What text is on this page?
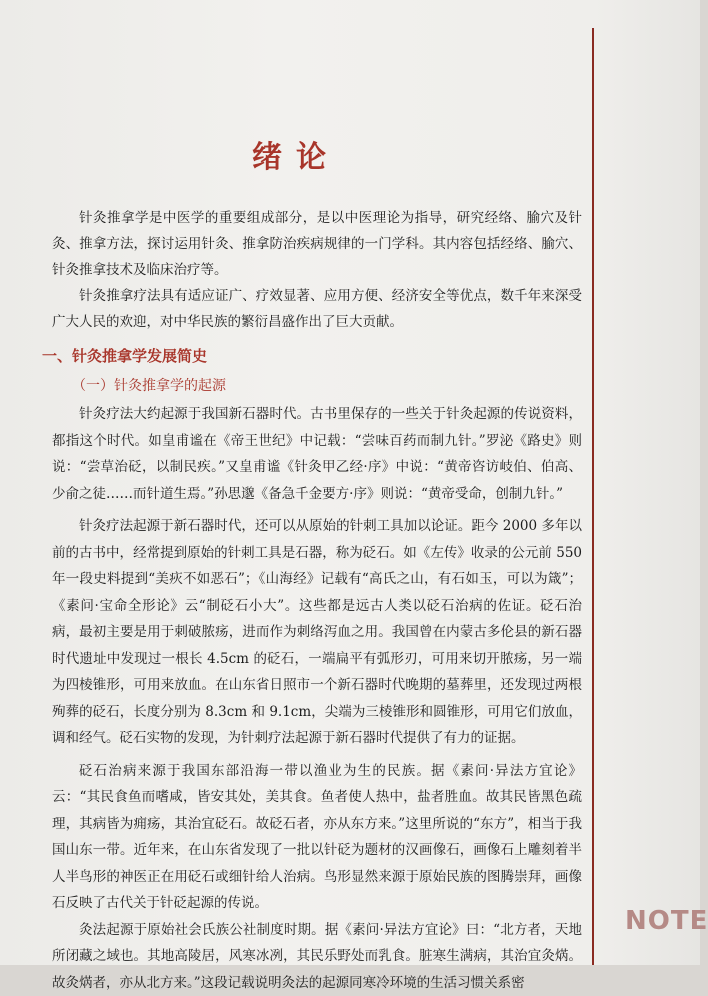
NOTE
绪论

针灸推拿学是中医学的重要组成部分，是以中医理论为指导，研究经络、腧穴及针灸、推拿方法，探讨运用针灸、推拿防治疾病规律的一门学科。其内容包括经络、腧穴、针灸推拿技术及临床治疗等。

针灸推拿疗法具有适应证广、疗效显著、应用方便、经济安全等优点，数千年来深受广大人民的欢迎，对中华民族的繁衍昌盛作出了巨大贡献。

一、针灸推拿学发展简史
（一）针灸推拿学的起源

针灸疗法大约起源于我国新石器时代。古书里保存的一些关于针灸起源的传说资料，都指这个时代。如皇甫谧在《帝王世纪》中记载：“尝味百药而制九针。”罗泌《路史》则说：“尝草治砭，以制民疾。”又皇甫谧《针灸甲乙经·序》中说：“黄帝咨访岐伯、伯高、少俞之徒……而针道生焉。”孙思邈《备急千金要方·序》则说：“黄帝受命，创制九针。”

针灸疗法起源于新石器时代，还可以从原始的针刺工具加以论证。距今 2000 多年以前的古书中，经常提到原始的针刺工具是石器，称为砭石。如《左传》收录的公元前 550 年一段史料提到“美疢不如恶石”；《山海经》记载有“高氏之山，有石如玉，可以为箴”；《素问·宝命全形论》云“制砭石小大”。这些都是远古人类以砭石治病的佐证。砭石治病，最初主要是用于刺破脓疡，进而作为刺络泻血之用。我国曾在内蒙古多伦县的新石器时代遗址中发现过一根长 4.5cm 的砭石，一端扁平有弧形刃，可用来切开脓疡，另一端为四棱锥形，可用来放血。在山东省日照市一个新石器时代晚期的墓葬里，还发现过两根殉葬的砭石，长度分别为 8.3cm 和 9.1cm，尖端为三棱锥形和圆锥形，可用它们放血，调和经气。砭石实物的发现，为针刺疗法起源于新石器时代提供了有力的证据。

砭石治病来源于我国东部沿海一带以渔业为生的民族。据《素问·异法方宜论》云：“其民食鱼而嗜咸，皆安其处，美其食。鱼者使人热中，盐者胜血。故其民皆黑色疏理，其病皆为痈疡，其治宜砭石。故砭石者，亦从东方来。”这里所说的“东方”，相当于我国山东一带。近年来，在山东省发现了一批以针砭为题材的汉画像石，画像石上雕刻着半人半鸟形的神医正在用砭石或细针给人治病。鸟形显然来源于原始民族的图腾崇拜，画像石反映了古代关于针砭起源的传说。

灸法起源于原始社会氏族公社制度时期。据《素问·异法方宜论》曰：“北方者，天地所闭藏之域也。其地高陵居，风寒冰冽，其民乐野处而乳食。脏寒生满病，其治宜灸焫。故灸焫者，亦从北方来。”这段记载说明灸法的起源同寒冷环境的生活习惯关系密
